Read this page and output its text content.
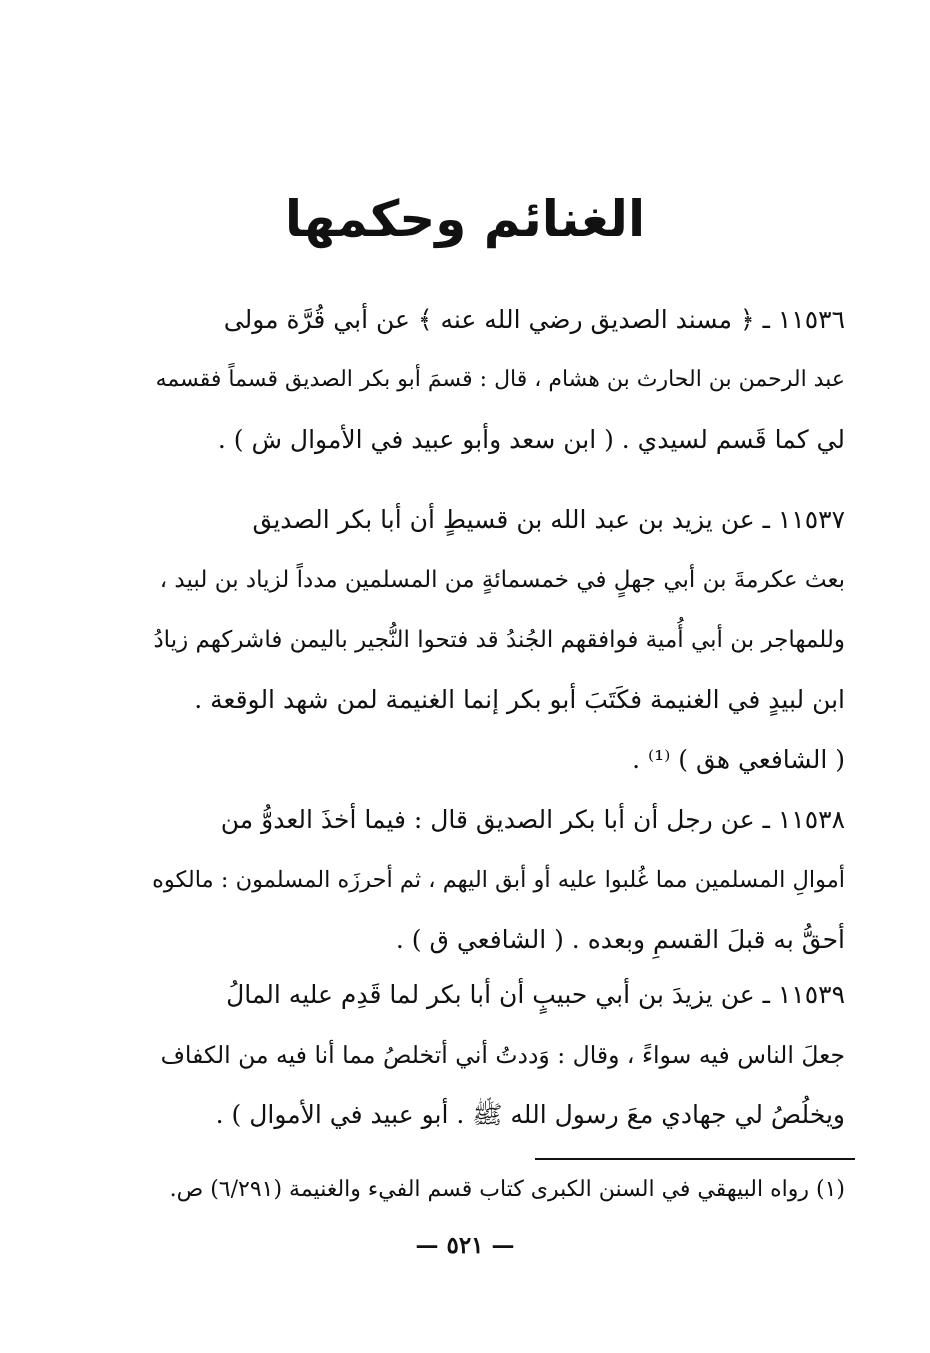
الغنائم وحكمها
١١٥٣٦ ـ ﴿ مسند الصديق رضي الله عنه ﴾ عن أبي قُرَّة مولى
عبد الرحمن بن الحارث بن هشام ، قال : قسمَ أبو بكر الصديق قسماً فقسمه
لي كما قَسم لسيدي . ( ابن سعد وأبو عبيد في الأموال ش ) .
١١٥٣٧ ـ عن يزيد بن عبد الله بن قسيطٍ أن أبا بكر الصديق
بعث عكرمةَ بن أبي جهلٍ في خمسمائةٍ من المسلمين مدداً لزياد بن لبيد ،
وللمهاجر بن أبي أُمية فوافقهم الجُندُ قد فتحوا النُّجير باليمن فاشركهم زيادُ
ابن لبيدٍ في الغنيمة فكَتَبَ أبو بكر إنما الغنيمة لمن شهد الوقعة .
( الشافعي هق ) ⁽¹⁾ .
١١٥٣٨ ـ عن رجل أن أبا بكر الصديق قال : فيما أخذَ العدوُّ من
أموالِ المسلمين مما غُلبوا عليه أو أبق اليهم ، ثم أحرزَه المسلمون : مالكوه
أحقُّ به قبلَ القسمِ وبعده . ( الشافعي ق ) .
١١٥٣٩ ـ عن يزيدَ بن أبي حبيبٍ أن أبا بكر لما قَدِم عليه المالُ
جعلَ الناس فيه سواءً ، وقال : وَددتُ أني أتخلصُ مما أنا فيه من الكفاف
ويخلُصُ لي جهادي معَ رسول الله ﷺ . أبو عبيد في الأموال ) .
(١) رواه البيهقي في السنن الكبرى كتاب قسم الفيء والغنيمة (٦/٢٩١) ص.
— ٥٢١ —
